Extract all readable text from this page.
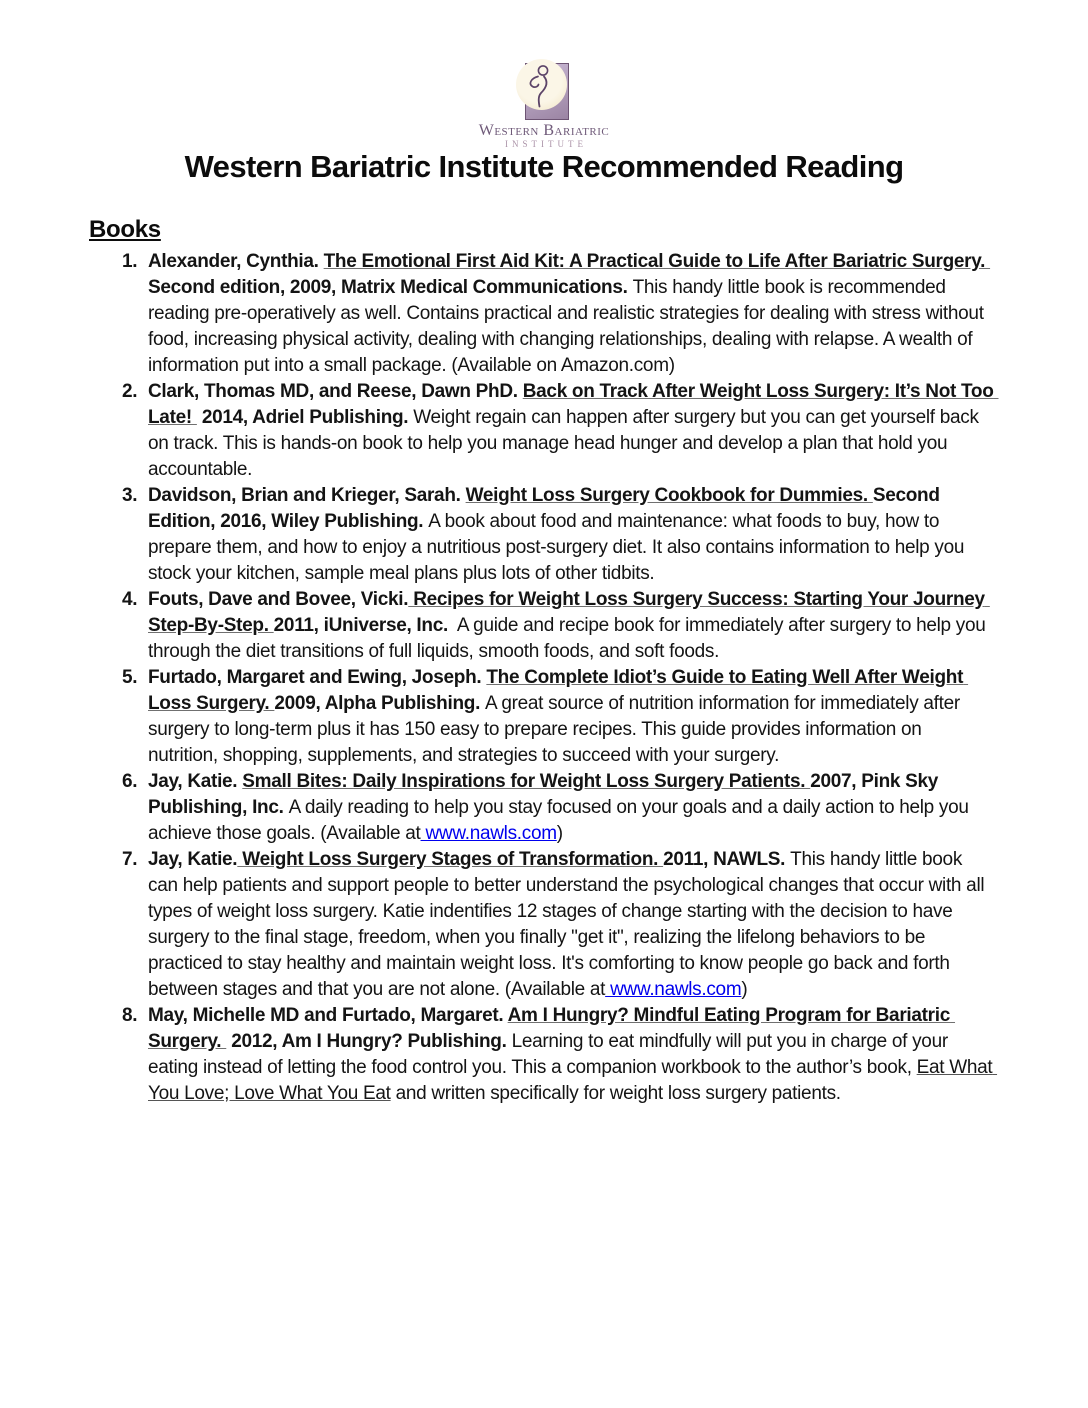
Western Bariatric
INSTITUTE
Western Bariatric Institute Recommended Reading
Books
1. Alexander, Cynthia. The Emotional First Aid Kit: A Practical Guide to Life After Bariatric Surgery. Second edition, 2009, Matrix Medical Communications. This handy little book is recommended reading pre-operatively as well. Contains practical and realistic strategies for dealing with stress without food, increasing physical activity, dealing with changing relationships, dealing with relapse. A wealth of information put into a small package. (Available on Amazon.com)
2. Clark, Thomas MD, and Reese, Dawn PhD. Back on Track After Weight Loss Surgery: It’s Not Too Late!  2014, Adriel Publishing. Weight regain can happen after surgery but you can get yourself back on track. This is hands-on book to help you manage head hunger and develop a plan that hold you accountable.
3. Davidson, Brian and Krieger, Sarah. Weight Loss Surgery Cookbook for Dummies. Second Edition, 2016, Wiley Publishing. A book about food and maintenance: what foods to buy, how to prepare them, and how to enjoy a nutritious post-surgery diet. It also contains information to help you stock your kitchen, sample meal plans plus lots of other tidbits.
4. Fouts, Dave and Bovee, Vicki. Recipes for Weight Loss Surgery Success: Starting Your Journey Step-By-Step. 2011, iUniverse, Inc.  A guide and recipe book for immediately after surgery to help you through the diet transitions of full liquids, smooth foods, and soft foods.
5. Furtado, Margaret and Ewing, Joseph. The Complete Idiot’s Guide to Eating Well After Weight Loss Surgery. 2009, Alpha Publishing. A great source of nutrition information for immediately after surgery to long-term plus it has 150 easy to prepare recipes. This guide provides information on nutrition, shopping, supplements, and strategies to succeed with your surgery.
6. Jay, Katie. Small Bites: Daily Inspirations for Weight Loss Surgery Patients. 2007, Pink Sky Publishing, Inc. A daily reading to help you stay focused on your goals and a daily action to help you achieve those goals. (Available at www.nawls.com)
7. Jay, Katie. Weight Loss Surgery Stages of Transformation. 2011, NAWLS. This handy little book can help patients and support people to better understand the psychological changes that occur with all types of weight loss surgery. Katie indentifies 12 stages of change starting with the decision to have surgery to the final stage, freedom, when you finally "get it", realizing the lifelong behaviors to be practiced to stay healthy and maintain weight loss. It's comforting to know people go back and forth between stages and that you are not alone. (Available at www.nawls.com)
8. May, Michelle MD and Furtado, Margaret. Am I Hungry? Mindful Eating Program for Bariatric Surgery.  2012, Am I Hungry? Publishing. Learning to eat mindfully will put you in charge of your eating instead of letting the food control you. This a companion workbook to the author’s book, Eat What You Love; Love What You Eat and written specifically for weight loss surgery patients.
